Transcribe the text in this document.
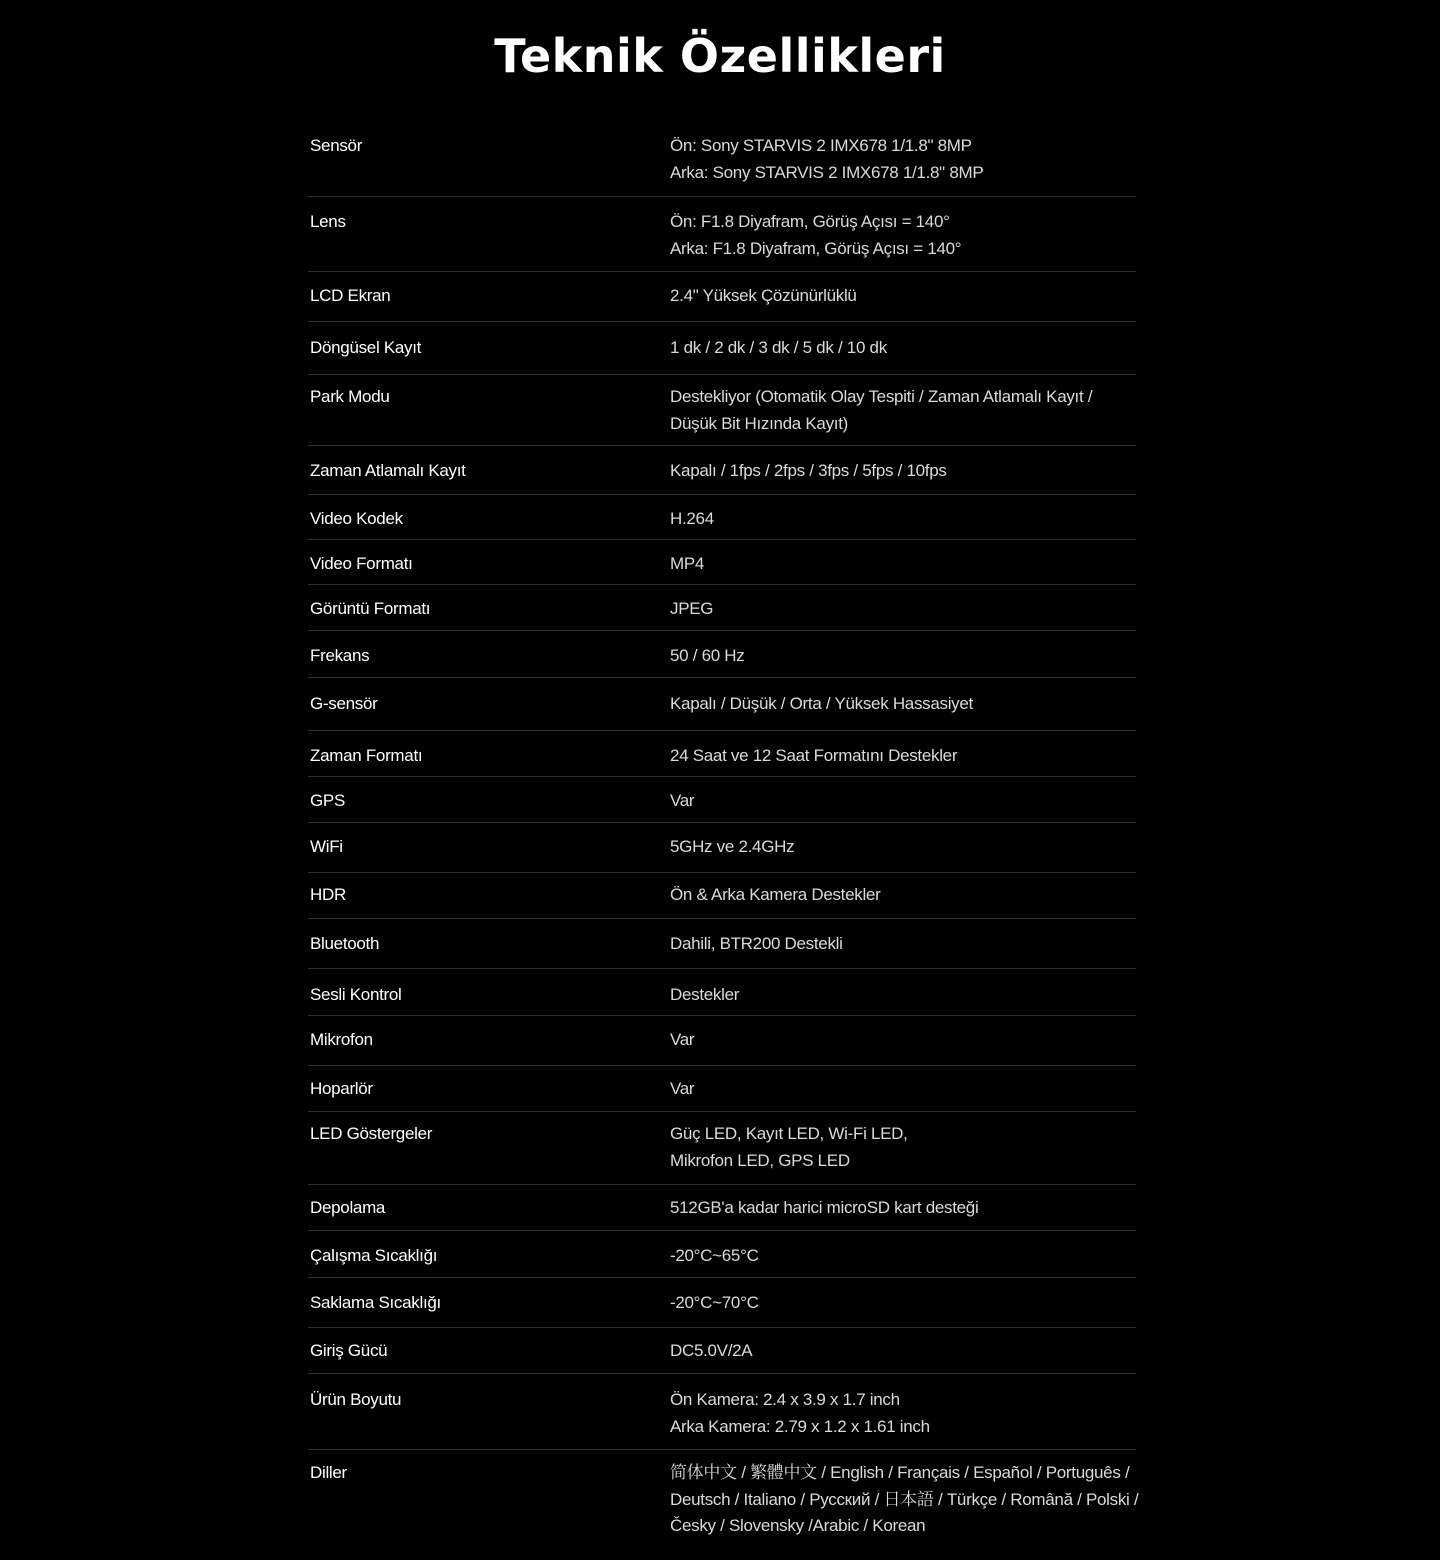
Teknik Özellikleri
Sensör	Ön: Sony STARVIS 2 IMX678 1/1.8" 8MP
Arka: Sony STARVIS 2 IMX678 1/1.8" 8MP
Lens	Ön: F1.8 Diyafram, Görüş Açısı = 140°
Arka: F1.8 Diyafram, Görüş Açısı = 140°
LCD Ekran	2.4" Yüksek Çözünürlüklü
Döngüsel Kayıt	1 dk / 2 dk / 3 dk / 5 dk / 10 dk
Park Modu	Destekliyor (Otomatik Olay Tespiti / Zaman Atlamalı Kayıt /
Düşük Bit Hızında Kayıt)
Zaman Atlamalı Kayıt	Kapalı / 1fps / 2fps / 3fps / 5fps / 10fps
Video Kodek	H.264
Video Formatı	MP4
Görüntü Formatı	JPEG
Frekans	50 / 60 Hz
G-sensör	Kapalı / Düşük / Orta / Yüksek Hassasiyet
Zaman Formatı	24 Saat ve 12 Saat Formatını Destekler
GPS	Var
WiFi	5GHz ve 2.4GHz
HDR	Ön & Arka Kamera Destekler
Bluetooth	Dahili, BTR200 Destekli
Sesli Kontrol	Destekler
Mikrofon	Var
Hoparlör	Var
LED Göstergeler	Güç LED, Kayıt LED, Wi-Fi LED,
Mikrofon LED, GPS LED
Depolama	512GB'a kadar harici microSD kart desteği
Çalışma Sıcaklığı	-20°C~65°C
Saklama Sıcaklığı	-20°C~70°C
Giriş Gücü	DC5.0V/2A
Ürün Boyutu	Ön Kamera: 2.4 x 3.9 x 1.7 inch
Arka Kamera: 2.79 x 1.2 x 1.61 inch
Diller	简体中文 / 繁體中文 / English / Français / Español / Português /
Deutsch / Italiano / Русский / 日本語 / Türkçe / Română / Polski /
Česky / Slovensky /Arabic / Korean
